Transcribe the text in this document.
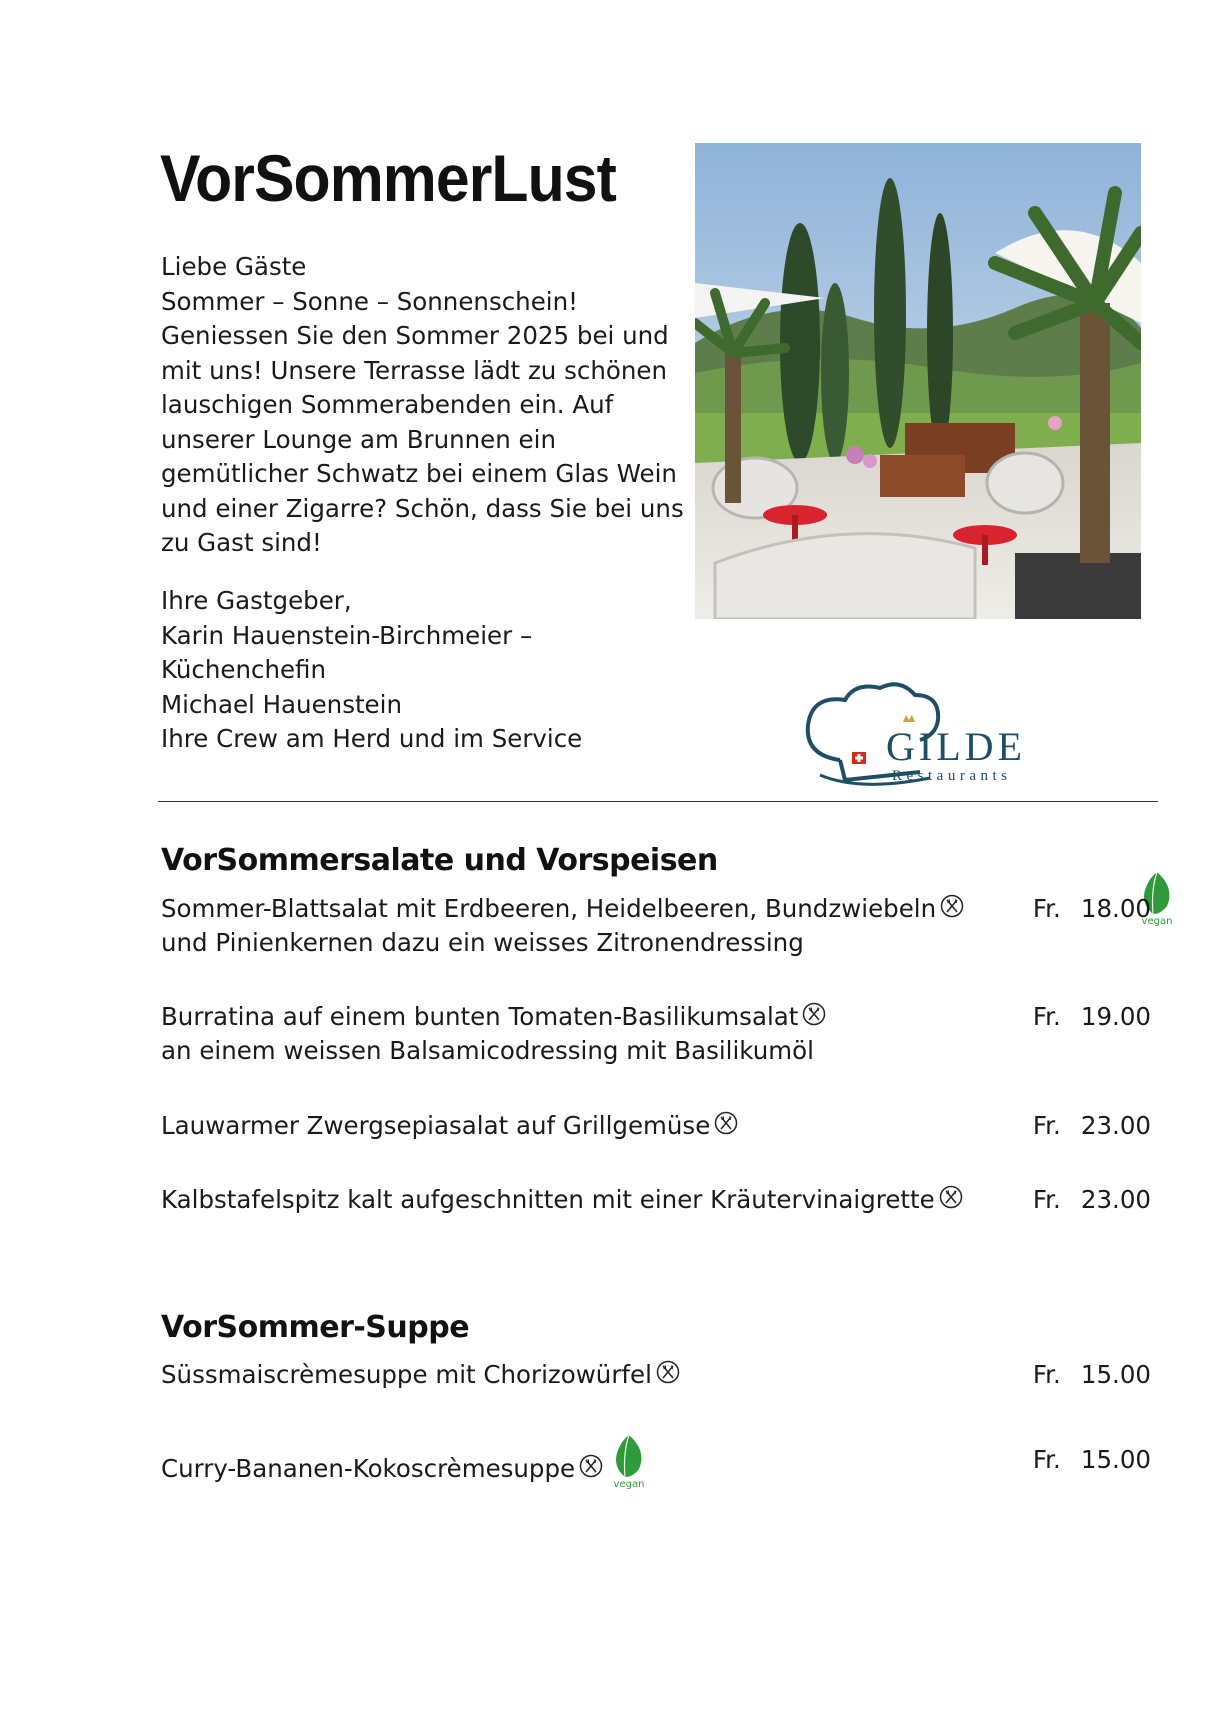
VorSommerLust
Liebe Gäste
Sommer – Sonne – Sonnenschein!
Geniessen Sie den Sommer 2025 bei und
mit uns! Unsere Terrasse lädt zu schönen
lauschigen Sommerabenden ein. Auf
unserer Lounge am Brunnen ein
gemütlicher Schwatz bei einem Glas Wein
und einer Zigarre? Schön, dass Sie bei uns
zu Gast sind!
Ihre Gastgeber,
Karin Hauenstein-Birchmeier –
Küchenchefin
Michael Hauenstein
Ihre Crew am Herd und im Service	GILDE
Restaurants
VorSommersalate und Vorspeisen
Sommer-Blattsalat mit Erdbeeren, Heidelbeeren, Bundzwiebeln
und Pinienkernen dazu ein weisses Zitronendressing
vegan
Fr. 18.00
Burratina auf einem bunten Tomaten-Basilikumsalat
an einem weissen Balsamicodressing mit Basilikumöl
Fr. 19.00
Lauwarmer Zwergsepiasalat auf Grillgemüse	Fr. 23.00
Kalbstafelspitz kalt aufgeschnitten mit einer Kräutervinaigrette	Fr. 23.00
VorSommer-Suppe
Süssmaiscrèmesuppe mit Chorizowürfel	Fr. 15.00
Curry-Bananen-Kokoscrèmesuppe
vegan
Fr. 15.00
